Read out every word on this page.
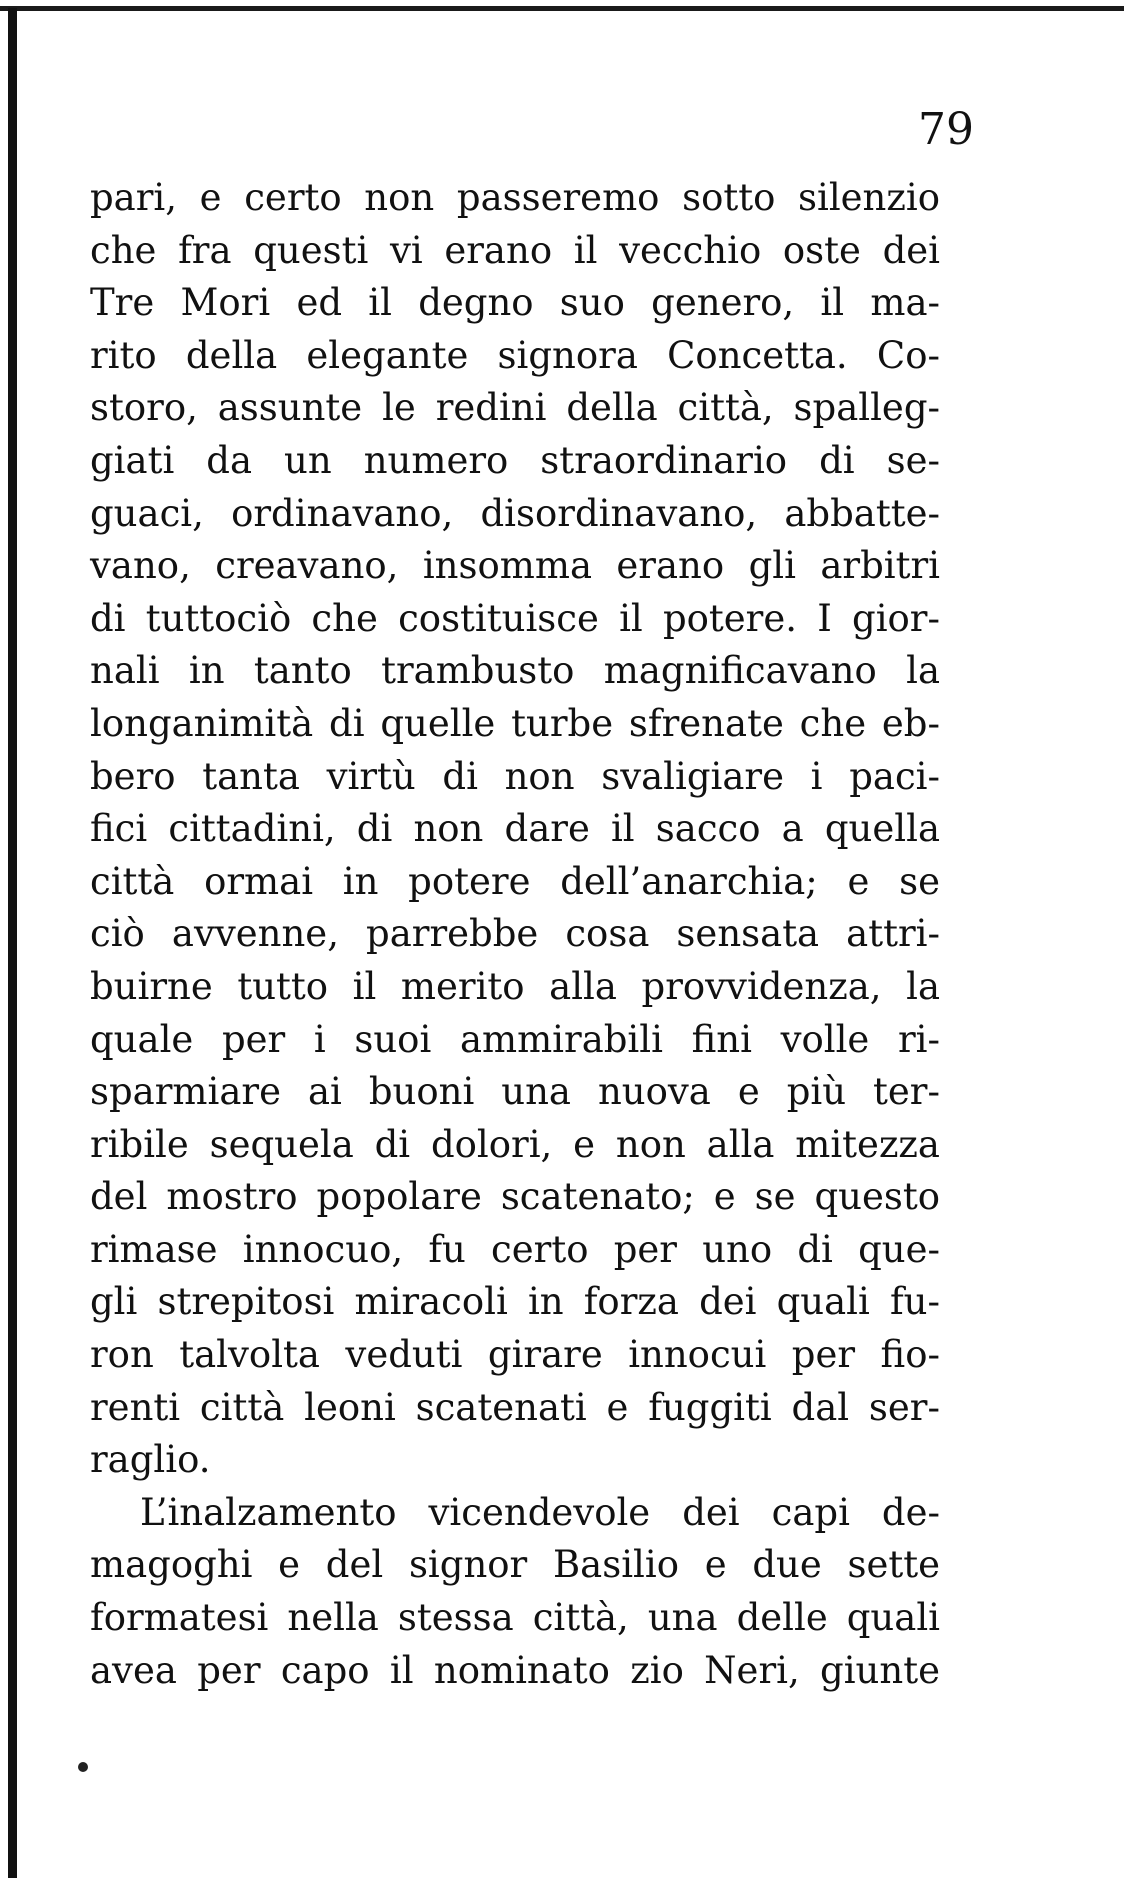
79
pari, e certo non passeremo sotto silenzio
che fra questi vi erano il vecchio oste dei
Tre Mori ed il degno suo genero, il ma-
rito della elegante signora Concetta. Co-
storo, assunte le redini della città, spalleg-
giati da un numero straordinario di se-
guaci, ordinavano, disordinavano, abbatte-
vano, creavano, insomma erano gli arbitri
di tuttociò che costituisce il potere. I gior-
nali in tanto trambusto magnificavano la
longanimità di quelle turbe sfrenate che eb-
bero tanta virtù di non svaligiare i paci-
fici cittadini, di non dare il sacco a quella
città ormai in potere dell’anarchia; e se
ciò avvenne, parrebbe cosa sensata attri-
buirne tutto il merito alla provvidenza, la
quale per i suoi ammirabili fini volle ri-
sparmiare ai buoni una nuova e più ter-
ribile sequela di dolori, e non alla mitezza
del mostro popolare scatenato; e se questo
rimase innocuo, fu certo per uno di que-
gli strepitosi miracoli in forza dei quali fu-
ron talvolta veduti girare innocui per fio-
renti città leoni scatenati e fuggiti dal ser-
raglio.
L’inalzamento vicendevole dei capi de-
magoghi e del signor Basilio e due sette
formatesi nella stessa città, una delle quali
avea per capo il nominato zio Neri, giunte
